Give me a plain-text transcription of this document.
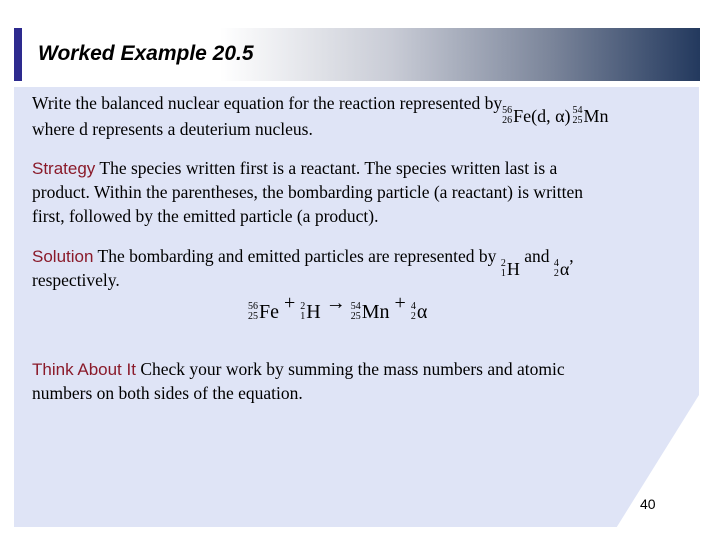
Worked Example 20.5
Write the balanced nuclear equation for the reaction represented by 56
26 Fe(d, α) 54
25 Mn
where d represents a deuterium nucleus.
Strategy The species written first is a reactant. The species written last is a
product. Within the parentheses, the bombarding particle (a reactant) is written
first, followed by the emitted particle (a product).
Solution The bombarding and emitted particles are represented by 2
1 H
and 4
2 α
,
respectively.
56
25 Fe + 2
1 H → 54
25 Mn + 4
2 α
Think About It Check your work by summing the mass numbers and atomic
numbers on both sides of the equation.
40
